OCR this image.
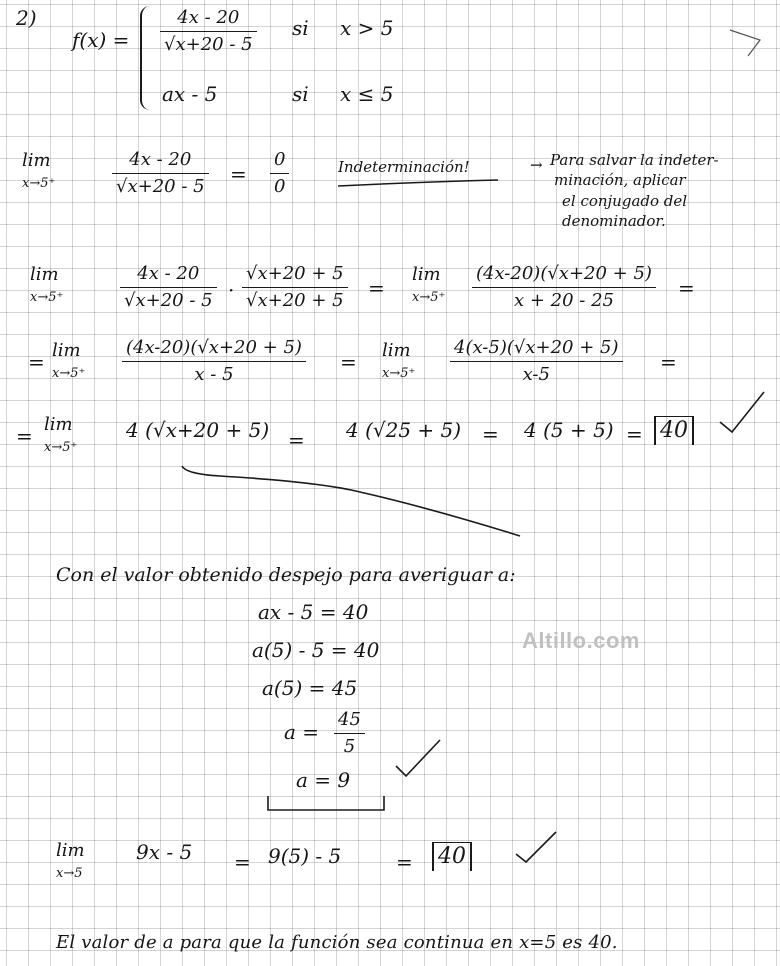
2)
f(x) =
4x - 20
√x+20 - 5
si x > 5
ax - 5	si x ≤ 5
lim
x→5⁺
4x - 20
√x+20 - 5
=
0
0
Indeterminación!	→ Para salvar la indeter-
minación, aplicar
el conjugado del
denominador.
lim
x→5⁺
4x - 20
√x+20 - 5 ·
√x+20 + 5
√x+20 + 5
=
lim
x→5⁺
(4x-20)(√x+20 + 5)
x + 20 - 25
=
= lim
x→5⁺
(4x-20)(√x+20 + 5)
x - 5
= lim
x→5⁺
4(x-5)(√x+20 + 5)
x-5
=
= lim
x→5⁺
4 (√x+20 + 5) = 4 (√25 + 5) = 4 (5 + 5) = 40
Con el valor obtenido despejo para averiguar a:
ax - 5 = 40
a(5) - 5 = 40
a(5) = 45
a =
45
5
a = 9
lim
x→5
9x - 5 = 9(5) - 5	= 40
El valor de a para que la función sea continua en x=5 es 40.
Altillo.com
